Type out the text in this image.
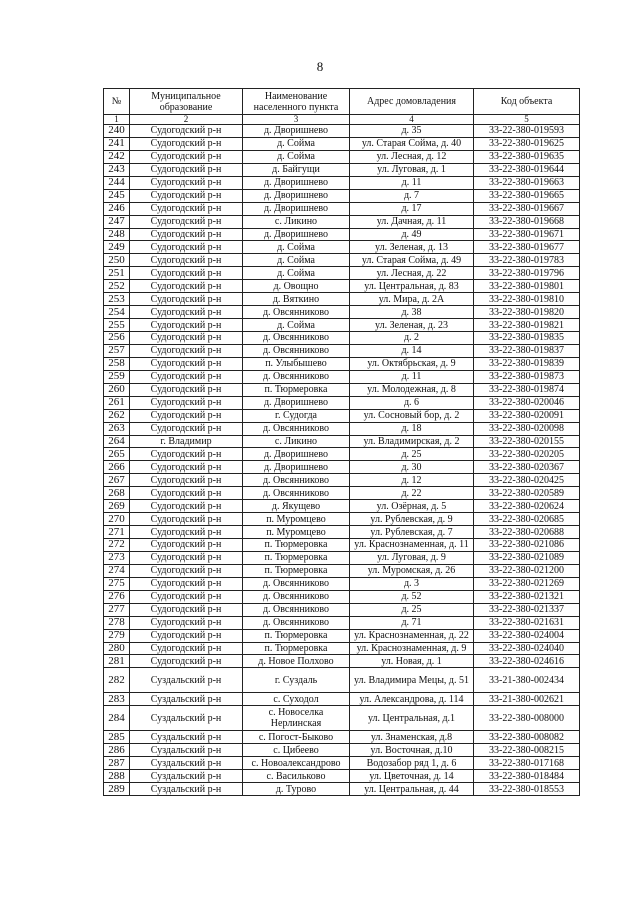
8
№	Муниципальное образование	Наименование населенного пункта	Адрес домовладения	Код объекта
1	2	3	4	5
240	Судогодский р-н	д. Дворишнево	д. 35	33-22-380-019593
241	Судогодский р-н	д. Сойма	ул. Старая Сойма, д. 40	33-22-380-019625
242	Судогодский р-н	д. Сойма	ул. Лесная, д. 12	33-22-380-019635
243	Судогодский р-н	д. Байгущи	ул. Луговая, д. 1	33-22-380-019644
244	Судогодский р-н	д. Дворишнево	д. 11	33-22-380-019663
245	Судогодский р-н	д. Дворишнево	д. 7	33-22-380-019665
246	Судогодский р-н	д. Дворишнево	д. 17	33-22-380-019667
247	Судогодский р-н	с. Ликино	ул. Дачная, д. 11	33-22-380-019668
248	Судогодский р-н	д. Дворишнево	д. 49	33-22-380-019671
249	Судогодский р-н	д. Сойма	ул. Зеленая, д. 13	33-22-380-019677
250	Судогодский р-н	д. Сойма	ул. Старая Сойма, д. 49	33-22-380-019783
251	Судогодский р-н	д. Сойма	ул. Лесная, д. 22	33-22-380-019796
252	Судогодский р-н	д. Овощно	ул. Центральная, д. 83	33-22-380-019801
253	Судогодский р-н	д. Вяткино	ул. Мира, д. 2А	33-22-380-019810
254	Судогодский р-н	д. Овсянниково	д. 38	33-22-380-019820
255	Судогодский р-н	д. Сойма	ул. Зеленая, д. 23	33-22-380-019821
256	Судогодский р-н	д. Овсянниково	д. 2	33-22-380-019835
257	Судогодский р-н	д. Овсянниково	д. 14	33-22-380-019837
258	Судогодский р-н	п. Улыбышево	ул. Октябрьская, д. 9	33-22-380-019839
259	Судогодский р-н	д. Овсянниково	д. 11	33-22-380-019873
260	Судогодский р-н	п. Тюрмеровка	ул. Молодежная, д. 8	33-22-380-019874
261	Судогодский р-н	д. Дворишнево	д. 6	33-22-380-020046
262	Судогодский р-н	г. Судогда	ул. Сосновый бор, д. 2	33-22-380-020091
263	Судогодский р-н	д. Овсянниково	д. 18	33-22-380-020098
264	г. Владимир	с. Ликино	ул. Владимирская, д. 2	33-22-380-020155
265	Судогодский р-н	д. Дворишнево	д. 25	33-22-380-020205
266	Судогодский р-н	д. Дворишнево	д. 30	33-22-380-020367
267	Судогодский р-н	д. Овсянниково	д. 12	33-22-380-020425
268	Судогодский р-н	д. Овсянниково	д. 22	33-22-380-020589
269	Судогодский р-н	д. Якущево	ул. Озёрная, д. 5	33-22-380-020624
270	Судогодский р-н	п. Муромцево	ул. Рублевская, д. 9	33-22-380-020685
271	Судогодский р-н	п. Муромцево	ул. Рублевская, д. 7	33-22-380-020688
272	Судогодский р-н	п. Тюрмеровка	ул. Краснознаменная, д. 11	33-22-380-021086
273	Судогодский р-н	п. Тюрмеровка	ул. Луговая, д. 9	33-22-380-021089
274	Судогодский р-н	п. Тюрмеровка	ул. Муромская, д. 26	33-22-380-021200
275	Судогодский р-н	д. Овсянниково	д. 3	33-22-380-021269
276	Судогодский р-н	д. Овсянниково	д. 52	33-22-380-021321
277	Судогодский р-н	д. Овсянниково	д. 25	33-22-380-021337
278	Судогодский р-н	д. Овсянниково	д. 71	33-22-380-021631
279	Судогодский р-н	п. Тюрмеровка	ул. Краснознаменная, д. 22	33-22-380-024004
280	Судогодский р-н	п. Тюрмеровка	ул. Краснознаменная, д. 9	33-22-380-024040
281	Судогодский р-н	д. Новое Полхово	ул. Новая, д. 1	33-22-380-024616
282	Суздальский р-н	г. Суздаль	ул. Владимира Мецы, д. 51	33-21-380-002434
283	Суздальский р-н	с. Суходол	ул. Александрова, д. 114	33-21-380-002621
284	Суздальский р-н	с. Новоселка Нерлинская	ул. Центральная, д.1	33-22-380-008000
285	Суздальский р-н	с. Погост-Быково	ул. Знаменская, д.8	33-22-380-008082
286	Суздальский р-н	с. Цибеево	ул. Восточная, д.10	33-22-380-008215
287	Суздальский р-н	с. Новоалександрово	Водозабор ряд 1, д. 6	33-22-380-017168
288	Суздальский р-н	с. Васильково	ул. Цветочная, д. 14	33-22-380-018484
289	Суздальский р-н	д. Турово	ул. Центральная, д. 44	33-22-380-018553
